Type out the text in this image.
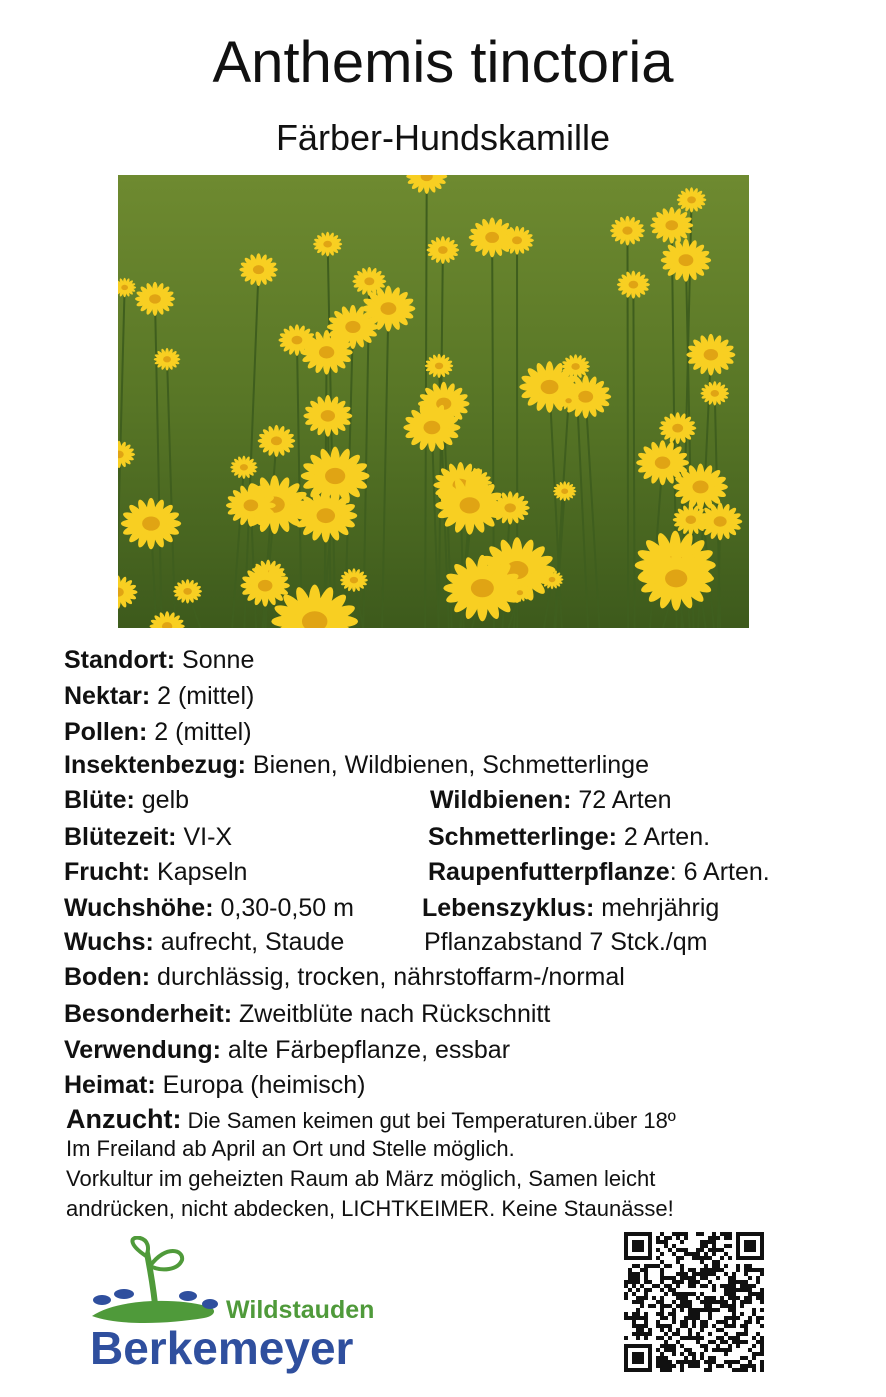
Anthemis tinctoria
Färber-Hundskamille
Standort: Sonne
Nektar: 2 (mittel)
Pollen: 2 (mittel)
Insektenbezug: Bienen, Wildbienen, Schmetterlinge
Blüte: gelb	Wildbienen: 72 Arten
Blütezeit: VI-X	Schmetterlinge: 2 Arten.
Frucht: Kapseln	Raupenfutterpflanze: 6 Arten.
Wuchshöhe: 0,30-0,50 m	Lebenszyklus: mehrjährig
Wuchs: aufrecht, Staude	Pflanzabstand 7 Stck./qm
Boden: durchlässig, trocken, nährstoffarm-/normal
Besonderheit: Zweitblüte nach Rückschnitt
Verwendung: alte Färbepflanze, essbar
Heimat: Europa (heimisch)
Anzucht: Die Samen keimen gut bei Temperaturen.über 18º
Im Freiland ab April an Ort und Stelle möglich.
Vorkultur im geheizten Raum ab März möglich, Samen leicht
andrücken, nicht abdecken, LICHTKEIMER. Keine Staunässe!
Wildstauden
Berkemeyer
